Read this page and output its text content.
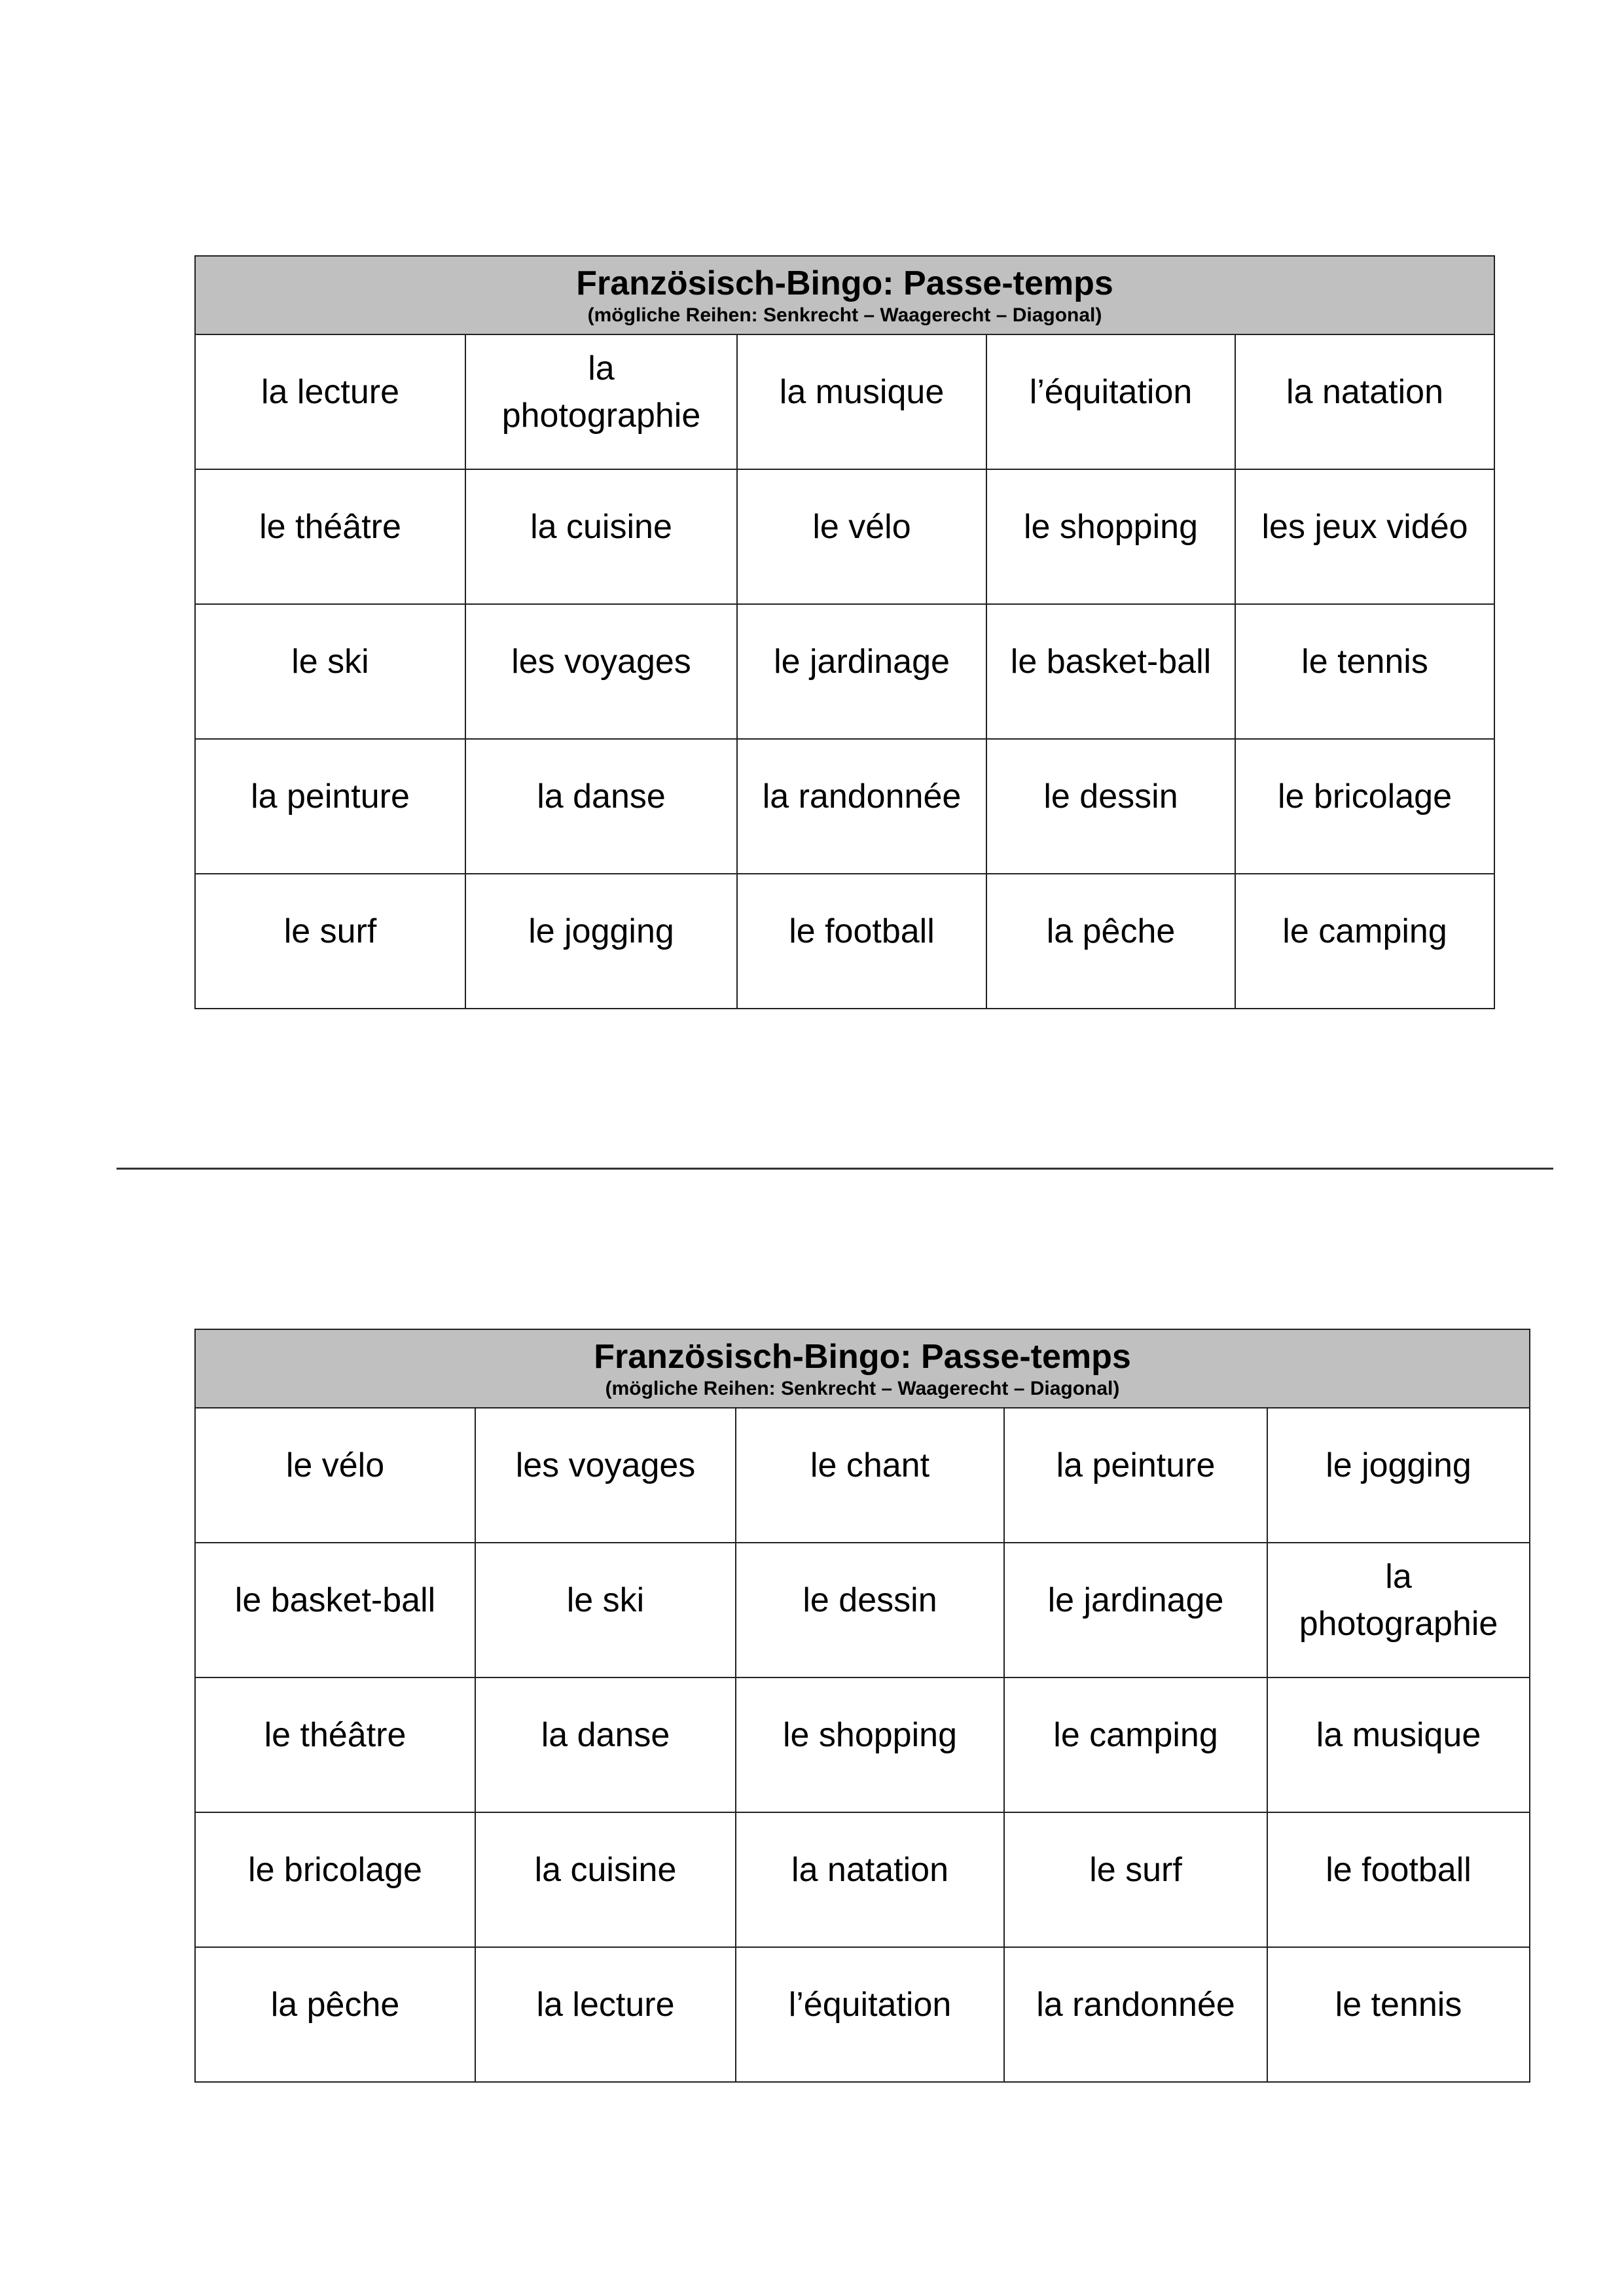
Französisch-Bingo: Passe-temps
(mögliche Reihen: Senkrecht – Waagerecht – Diagonal)				

la lecture	la photographie	la musique	l’équitation	la natation
le théâtre	la cuisine	le vélo	le shopping	les jeux vidéo
le ski	les voyages	le jardinage	le basket-ball	le tennis
la peinture	la danse	la randonnée	le dessin	le bricolage
le surf	le jogging	le football	la pêche	le camping
Französisch-Bingo: Passe-temps
(mögliche Reihen: Senkrecht – Waagerecht – Diagonal)				

le vélo	les voyages	le chant	la peinture	le jogging
le basket-ball	le ski	le dessin	le jardinage	la photographie
le théâtre	la danse	le shopping	le camping	la musique
le bricolage	la cuisine	la natation	le surf	le football
la pêche	la lecture	l’équitation	la randonnée	le tennis
